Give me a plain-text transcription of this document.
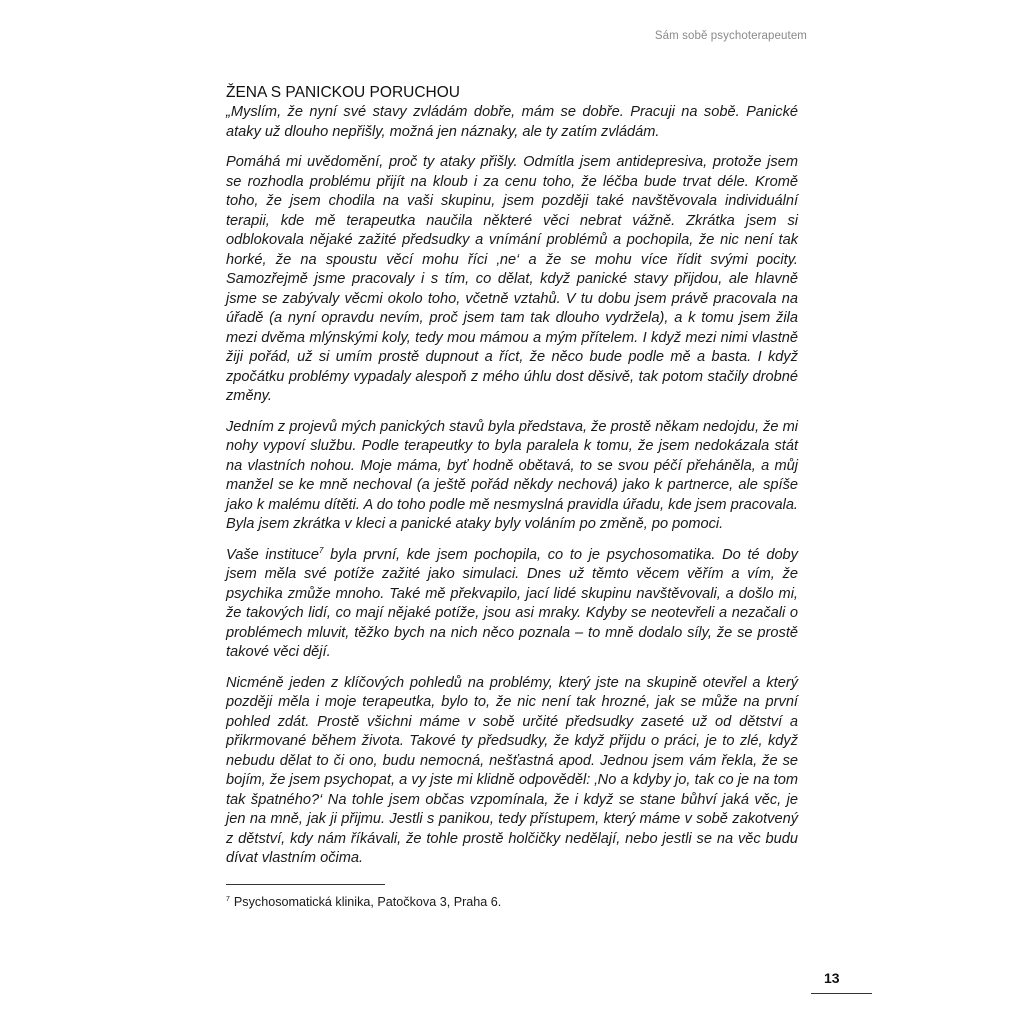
Sám sobě psychoterapeutem
ŽENA S PANICKOU PORUCHOU

„Myslím, že nyní své stavy zvládám dobře, mám se dobře. Pracuji na sobě. Panické ataky už dlouho nepřišly, možná jen náznaky, ale ty zatím zvládám.

Pomáhá mi uvědomění, proč ty ataky přišly. Odmítla jsem antidepresiva, protože jsem se rozhodla problému přijít na kloub i za cenu toho, že léčba bude trvat déle. Kromě toho, že jsem chodila na vaši skupinu, jsem později také navštěvovala individuální terapii, kde mě terapeutka naučila některé věci nebrat vážně. Zkrátka jsem si odblokovala nějaké zažité předsudky a vnímání problémů a pochopila, že nic není tak horké, že na spoustu věcí mohu říci ‚ne‘ a že se mohu více řídit svými pocity. Samozřejmě jsme pracovaly i s tím, co dělat, když panické stavy přijdou, ale hlavně jsme se zabývaly věcmi okolo toho, včetně vztahů. V tu dobu jsem právě pracovala na úřadě (a nyní opravdu nevím, proč jsem tam tak dlouho vydržela), a k tomu jsem žila mezi dvěma mlýnskými koly, tedy mou mámou a mým přítelem. I když mezi nimi vlastně žiji pořád, už si umím prostě dupnout a říct, že něco bude podle mě a basta. I když zpočátku problémy vypadaly alespoň z mého úhlu dost děsivě, tak potom stačily drobné změny.

Jedním z projevů mých panických stavů byla představa, že prostě někam nedojdu, že mi nohy vypoví službu. Podle terapeutky to byla paralela k tomu, že jsem nedokázala stát na vlastních nohou. Moje máma, byť hodně obětavá, to se svou péčí přeháněla, a můj manžel se ke mně nechoval (a ještě pořád někdy nechová) jako k partnerce, ale spíše jako k malému dítěti. A do toho podle mě nesmyslná pravidla úřadu, kde jsem pracovala. Byla jsem zkrátka v kleci a panické ataky byly voláním po změně, po pomoci.

Vaše instituce$^7$ byla první, kde jsem pochopila, co to je psychosomatika. Do té doby jsem měla své potíže zažité jako simulaci. Dnes už těmto věcem věřím a vím, že psychika zmůže mnoho. Také mě překvapilo, jací lidé skupinu navštěvovali, a došlo mi, že takových lidí, co mají nějaké potíže, jsou asi mraky. Kdyby se neotevřeli a nezačali o problémech mluvit, těžko bych na nich něco poznala – to mně dodalo síly, že se prostě takové věci dějí.

Nicméně jeden z klíčových pohledů na problémy, který jste na skupině otevřel a který později měla i moje terapeutka, bylo to, že nic není tak hrozné, jak se může na první pohled zdát. Prostě všichni máme v sobě určité předsudky zaseté už od dětství a přikrmované během života. Takové ty předsudky, že když přijdu o práci, je to zlé, když nebudu dělat to či ono, budu nemocná, nešťastná apod. Jednou jsem vám řekla, že se bojím, že jsem psychopat, a vy jste mi klidně odpověděl: ‚No a kdyby jo, tak co je na tom tak špatného?‘ Na tohle jsem občas vzpomínala, že i když se stane bůhví jaká věc, je jen na mně, jak ji přijmu. Jestli s panikou, tedy přístupem, který máme v sobě zakotvený z dětství, kdy nám říkávali, že tohle prostě holčičky nedělají, nebo jestli se na věc budu dívat vlastním očima.

$^7$ Psychosomatická klinika, Patočkova 3, Praha 6.
13
